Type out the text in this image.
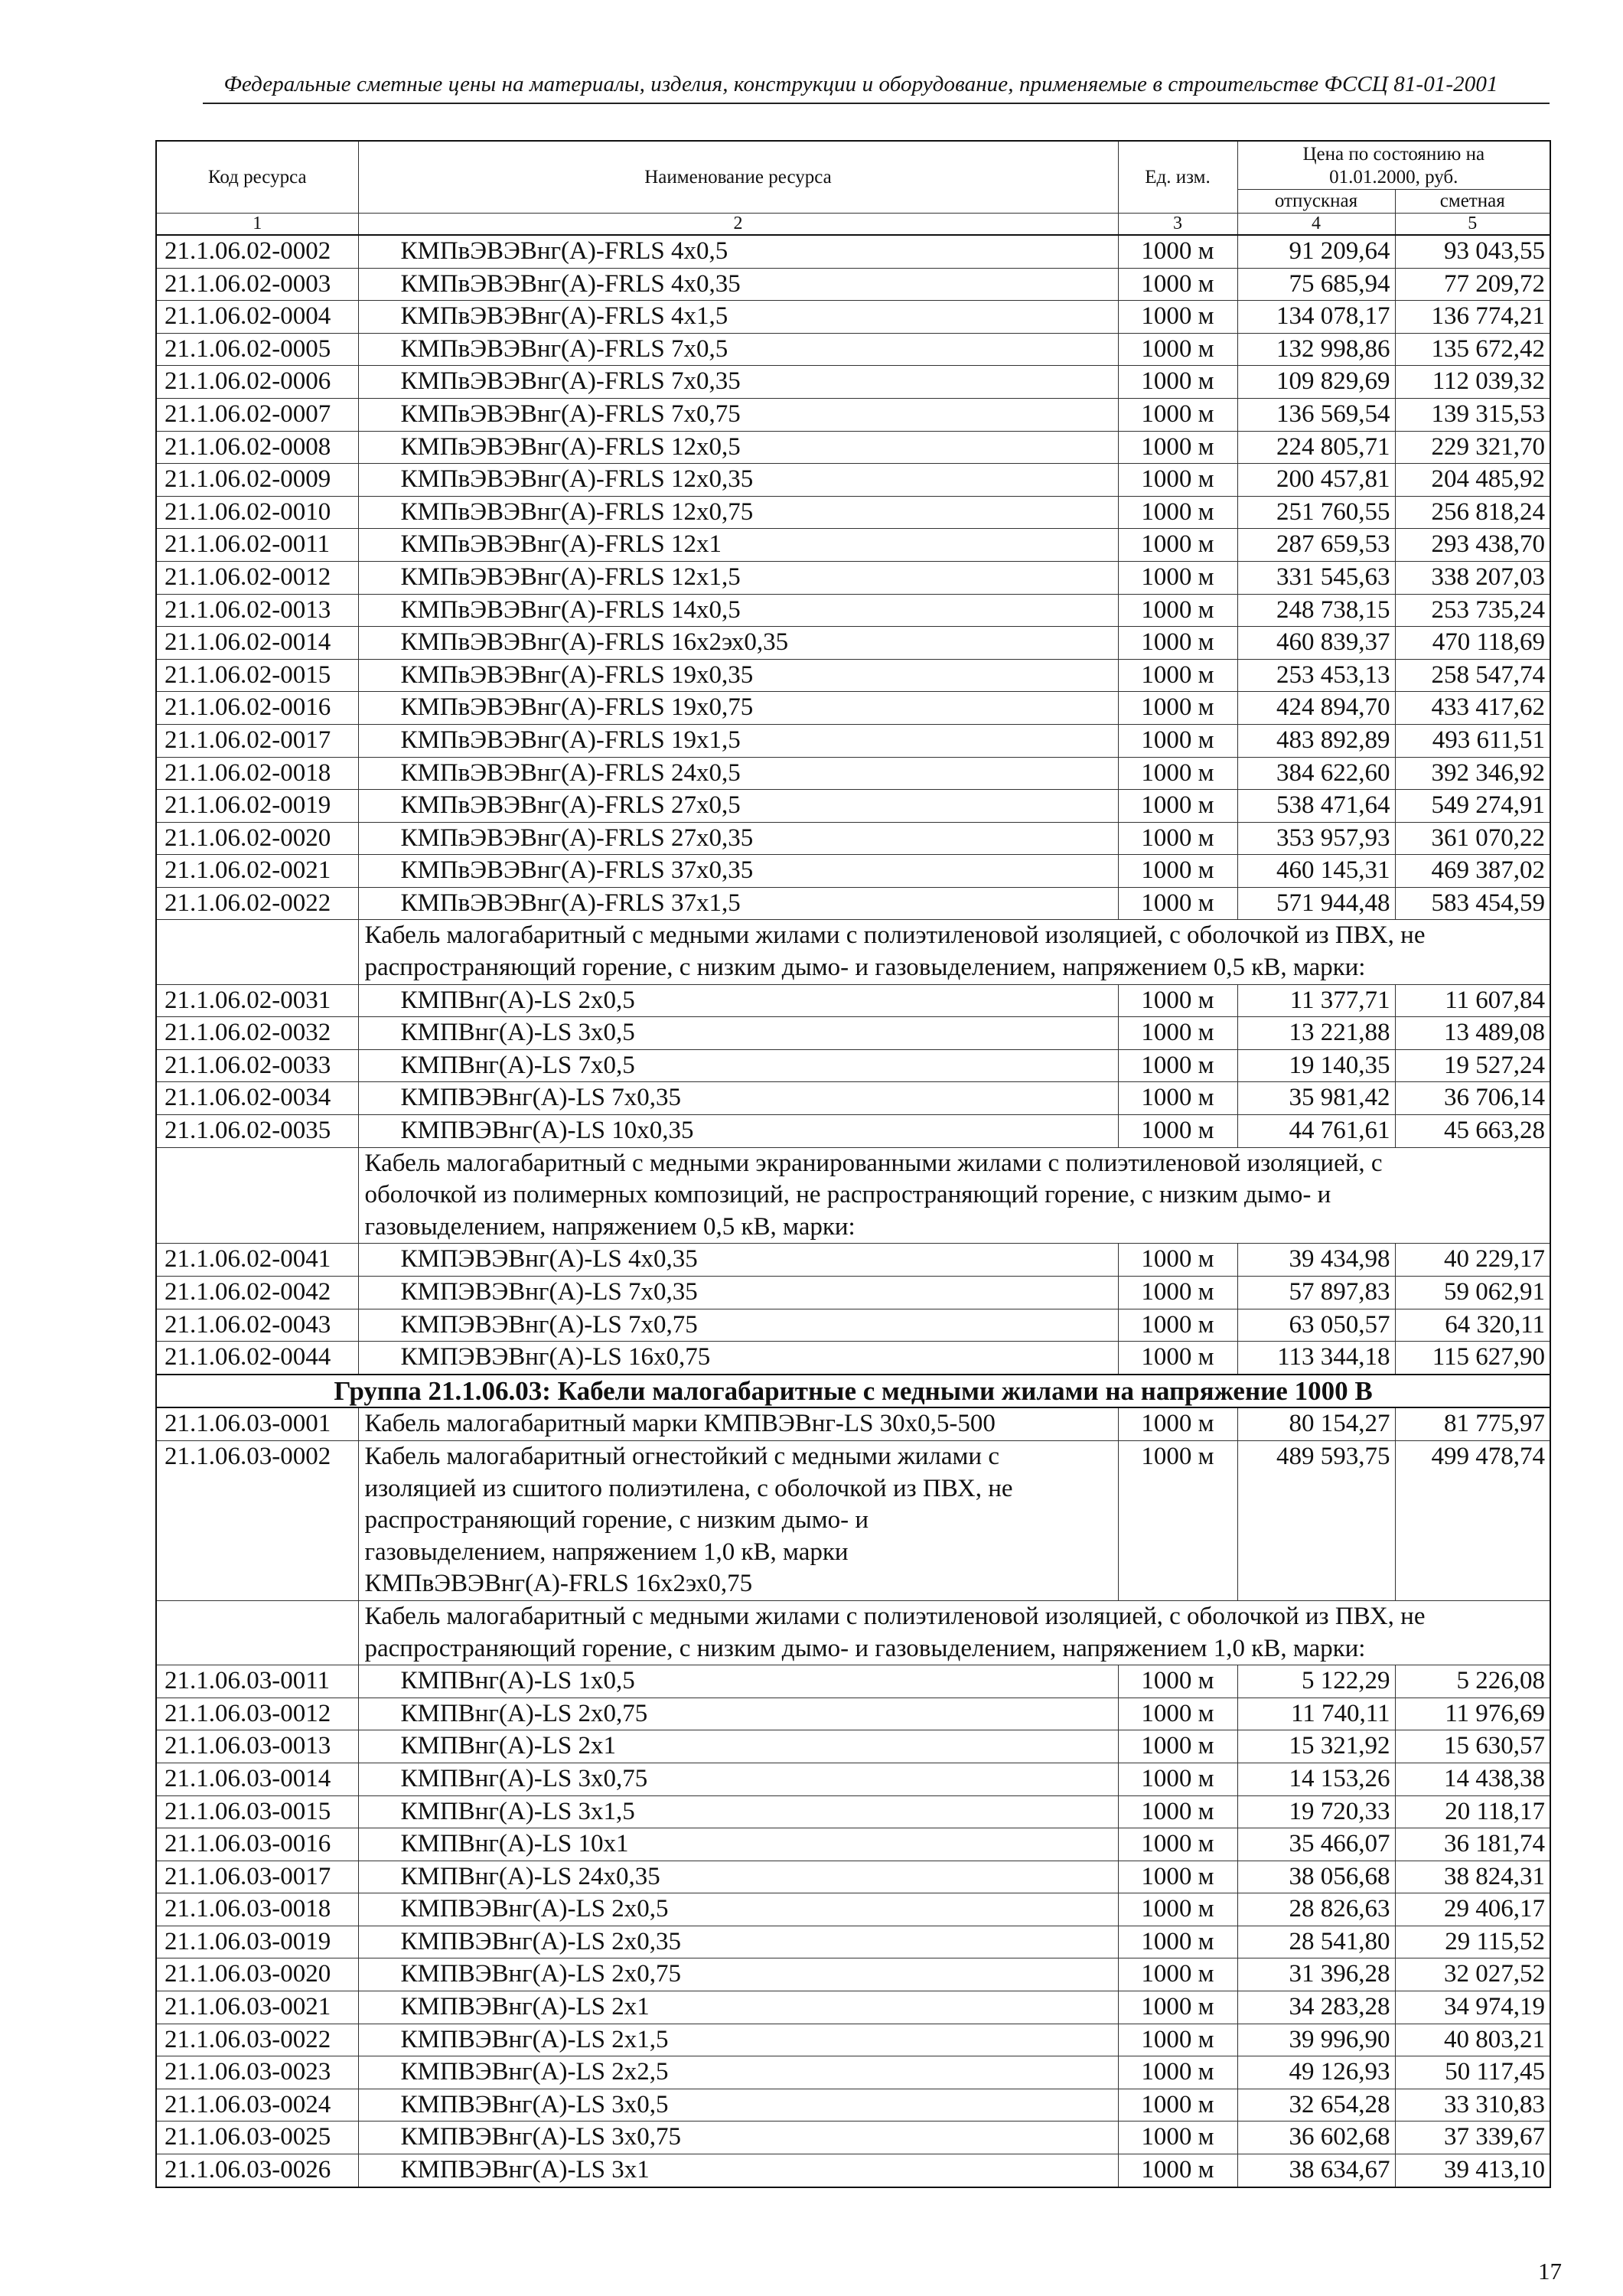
Федеральные сметные цены на материалы, изделия, конструкции и оборудование, применяемые в строительстве ФССЦ 81-01-2001
Код ресурса	Наименование ресурса	Ед. изм.	Цена по состоянию на
01.01.2000, руб.	
			отпускная	сметная
1	2	3	4	5
21.1.06.02-0002	КМПвЭВЭВнг(А)-FRLS 4х0,5	1000 м	91 209,64	93 043,55
21.1.06.02-0003	КМПвЭВЭВнг(А)-FRLS 4х0,35	1000 м	75 685,94	77 209,72
21.1.06.02-0004	КМПвЭВЭВнг(А)-FRLS 4х1,5	1000 м	134 078,17	136 774,21
21.1.06.02-0005	КМПвЭВЭВнг(А)-FRLS 7х0,5	1000 м	132 998,86	135 672,42
21.1.06.02-0006	КМПвЭВЭВнг(А)-FRLS 7х0,35	1000 м	109 829,69	112 039,32
21.1.06.02-0007	КМПвЭВЭВнг(А)-FRLS 7х0,75	1000 м	136 569,54	139 315,53
21.1.06.02-0008	КМПвЭВЭВнг(А)-FRLS 12х0,5	1000 м	224 805,71	229 321,70
21.1.06.02-0009	КМПвЭВЭВнг(А)-FRLS 12х0,35	1000 м	200 457,81	204 485,92
21.1.06.02-0010	КМПвЭВЭВнг(А)-FRLS 12х0,75	1000 м	251 760,55	256 818,24
21.1.06.02-0011	КМПвЭВЭВнг(А)-FRLS 12х1	1000 м	287 659,53	293 438,70
21.1.06.02-0012	КМПвЭВЭВнг(А)-FRLS 12х1,5	1000 м	331 545,63	338 207,03
21.1.06.02-0013	КМПвЭВЭВнг(А)-FRLS 14х0,5	1000 м	248 738,15	253 735,24
21.1.06.02-0014	КМПвЭВЭВнг(А)-FRLS 16х2эх0,35	1000 м	460 839,37	470 118,69
21.1.06.02-0015	КМПвЭВЭВнг(А)-FRLS 19х0,35	1000 м	253 453,13	258 547,74
21.1.06.02-0016	КМПвЭВЭВнг(А)-FRLS 19х0,75	1000 м	424 894,70	433 417,62
21.1.06.02-0017	КМПвЭВЭВнг(А)-FRLS 19х1,5	1000 м	483 892,89	493 611,51
21.1.06.02-0018	КМПвЭВЭВнг(А)-FRLS 24х0,5	1000 м	384 622,60	392 346,92
21.1.06.02-0019	КМПвЭВЭВнг(А)-FRLS 27х0,5	1000 м	538 471,64	549 274,91
21.1.06.02-0020	КМПвЭВЭВнг(А)-FRLS 27х0,35	1000 м	353 957,93	361 070,22
21.1.06.02-0021	КМПвЭВЭВнг(А)-FRLS 37х0,35	1000 м	460 145,31	469 387,02
21.1.06.02-0022	КМПвЭВЭВнг(А)-FRLS 37х1,5	1000 м	571 944,48	583 454,59
	Кабель малогабаритный с медными жилами с полиэтиленовой изоляцией, с оболочкой из ПВХ, не
распространяющий горение, с низким дымо- и газовыделением, напряжением 0,5 кВ, марки:			
21.1.06.02-0031	КМПВнг(А)-LS 2х0,5	1000 м	11 377,71	11 607,84
21.1.06.02-0032	КМПВнг(А)-LS 3х0,5	1000 м	13 221,88	13 489,08
21.1.06.02-0033	КМПВнг(А)-LS 7х0,5	1000 м	19 140,35	19 527,24
21.1.06.02-0034	КМПВЭВнг(А)-LS 7х0,35	1000 м	35 981,42	36 706,14
21.1.06.02-0035	КМПВЭВнг(А)-LS 10х0,35	1000 м	44 761,61	45 663,28
	Кабель малогабаритный с медными экранированными жилами с полиэтиленовой изоляцией, с
оболочкой из полимерных композиций, не распространяющий горение, с низким дымо- и
газовыделением, напряжением 0,5 кВ, марки:			
21.1.06.02-0041	КМПЭВЭВнг(А)-LS 4х0,35	1000 м	39 434,98	40 229,17
21.1.06.02-0042	КМПЭВЭВнг(А)-LS 7х0,35	1000 м	57 897,83	59 062,91
21.1.06.02-0043	КМПЭВЭВнг(А)-LS 7х0,75	1000 м	63 050,57	64 320,11
21.1.06.02-0044	КМПЭВЭВнг(А)-LS 16х0,75	1000 м	113 344,18	115 627,90
Группа 21.1.06.03: Кабели малогабаритные с медными жилами на напряжение 1000 В				
21.1.06.03-0001	Кабель малогабаритный марки КМПВЭВнг-LS 30х0,5-500	1000 м	80 154,27	81 775,97
21.1.06.03-0002	Кабель малогабаритный огнестойкий с медными жилами с
изоляцией из сшитого полиэтилена, с оболочкой из ПВХ, не
распространяющий горение, с низким дымо- и
газовыделением, напряжением 1,0 кВ, марки
КМПвЭВЭВнг(А)-FRLS 16х2эх0,75	1000 м	489 593,75	499 478,74
	Кабель малогабаритный с медными жилами с полиэтиленовой изоляцией, с оболочкой из ПВХ, не
распространяющий горение, с низким дымо- и газовыделением, напряжением 1,0 кВ, марки:			
21.1.06.03-0011	КМПВнг(А)-LS 1х0,5	1000 м	5 122,29	5 226,08
21.1.06.03-0012	КМПВнг(А)-LS 2х0,75	1000 м	11 740,11	11 976,69
21.1.06.03-0013	КМПВнг(А)-LS 2х1	1000 м	15 321,92	15 630,57
21.1.06.03-0014	КМПВнг(А)-LS 3х0,75	1000 м	14 153,26	14 438,38
21.1.06.03-0015	КМПВнг(А)-LS 3х1,5	1000 м	19 720,33	20 118,17
21.1.06.03-0016	КМПВнг(А)-LS 10х1	1000 м	35 466,07	36 181,74
21.1.06.03-0017	КМПВнг(А)-LS 24х0,35	1000 м	38 056,68	38 824,31
21.1.06.03-0018	КМПВЭВнг(А)-LS 2х0,5	1000 м	28 826,63	29 406,17
21.1.06.03-0019	КМПВЭВнг(А)-LS 2х0,35	1000 м	28 541,80	29 115,52
21.1.06.03-0020	КМПВЭВнг(А)-LS 2х0,75	1000 м	31 396,28	32 027,52
21.1.06.03-0021	КМПВЭВнг(А)-LS 2х1	1000 м	34 283,28	34 974,19
21.1.06.03-0022	КМПВЭВнг(А)-LS 2х1,5	1000 м	39 996,90	40 803,21
21.1.06.03-0023	КМПВЭВнг(А)-LS 2х2,5	1000 м	49 126,93	50 117,45
21.1.06.03-0024	КМПВЭВнг(А)-LS 3х0,5	1000 м	32 654,28	33 310,83
21.1.06.03-0025	КМПВЭВнг(А)-LS 3х0,75	1000 м	36 602,68	37 339,67
21.1.06.03-0026	КМПВЭВнг(А)-LS 3х1	1000 м	38 634,67	39 413,10
17
